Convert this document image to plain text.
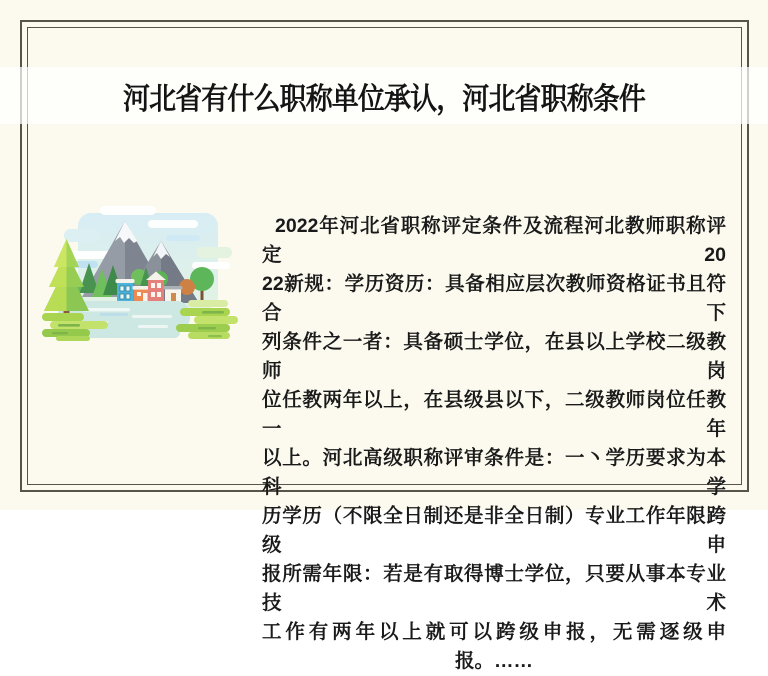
河北省有什么职称单位承认，河北省职称条件
2022年河北省职称评定条件及流程河北教师职称评定20
22新规：学历资历：具备相应层次教师资格证书且符合下
列条件之一者：具备硕士学位，在县以上学校二级教师岗
位任教两年以上，在县级县以下，二级教师岗位任教一年
以上。河北高级职称评审条件是：一丶学历要求为本科学
历学历（不限全日制还是非全日制）专业工作年限跨级申
报所需年限：若是有取得博士学位，只要从事本专业技术
工作有两年以上就可以跨级申报，无需逐级申报。……
